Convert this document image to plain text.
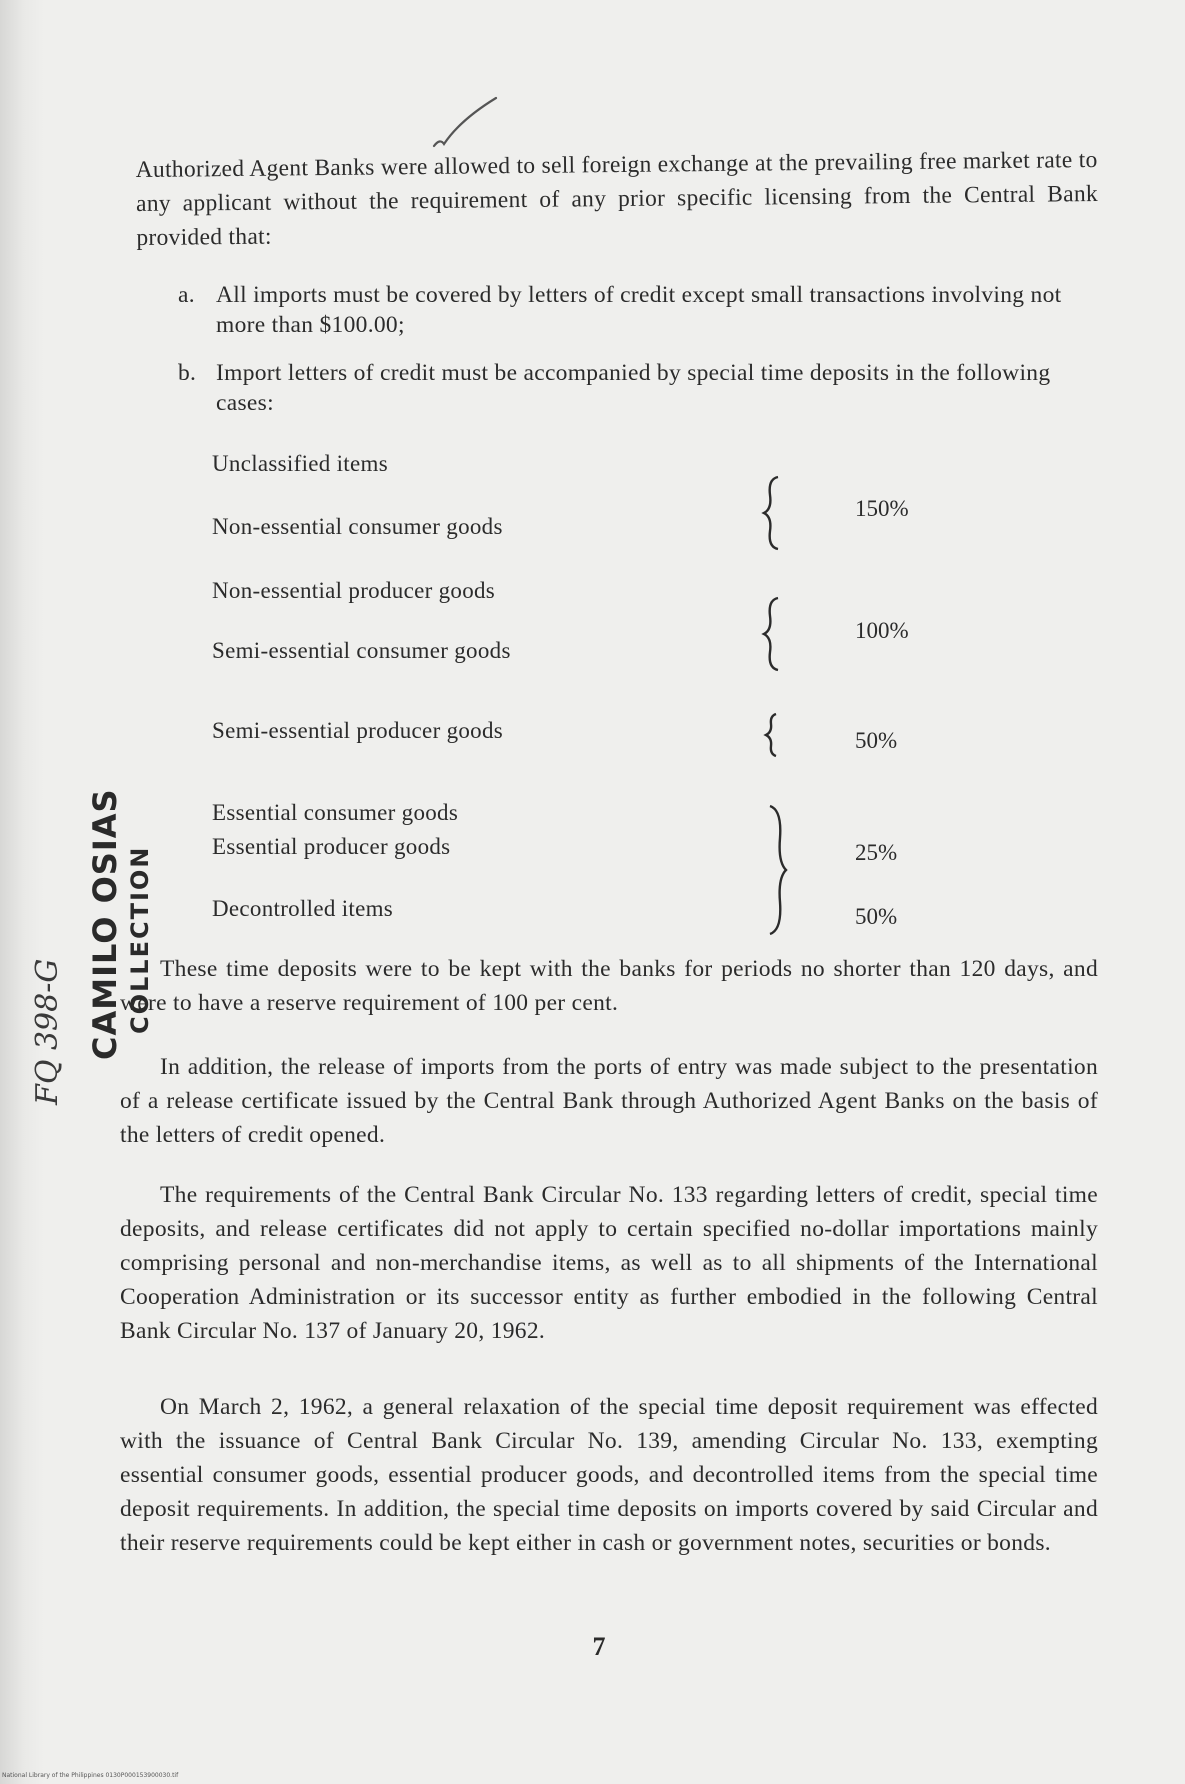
Authorized Agent Banks were allowed to sell foreign exchange at the prevailing free market rate to any applicant without the requirement of any prior specific licensing from the Central Bank provided that:

a. All imports must be covered by letters of credit except small transactions involving not more than $100.00;

b. Import letters of credit must be accompanied by special time deposits in the following cases:

Unclassified items
Non-essential consumer goods
150%
Non-essential producer goods
Semi-essential consumer goods
100%
Semi-essential producer goods	50%
Essential consumer goods
Essential producer goods
Decontrolled items
25%
50%

These time deposits were to be kept with the banks for periods no shorter than 120 days, and were to have a reserve requirement of 100 per cent.

In addition, the release of imports from the ports of entry was made subject to the presentation of a release certificate issued by the Central Bank through Authorized Agent Banks on the basis of the letters of credit opened.

The requirements of the Central Bank Circular No. 133 regarding letters of credit, special time deposits, and release certificates did not apply to certain specified no-dollar importations mainly comprising personal and non-merchandise items, as well as to all shipments of the International Cooperation Administration or its successor entity as further embodied in the following Central Bank Circular No. 137 of January 20, 1962.

On March 2, 1962, a general relaxation of the special time deposit requirement was effected with the issuance of Central Bank Circular No. 139, amending Circular No. 133, exempting essential consumer goods, essential producer goods, and decontrolled items from the special time deposit requirements. In addition, the special time deposits on imports covered by said Circular and their reserve requirements could be kept either in cash or government notes, securities or bonds.

7
CAMILO OSIAS COLLECTION
FQ 398-G
National Library of the Philippines 0130P000153900030.tif
